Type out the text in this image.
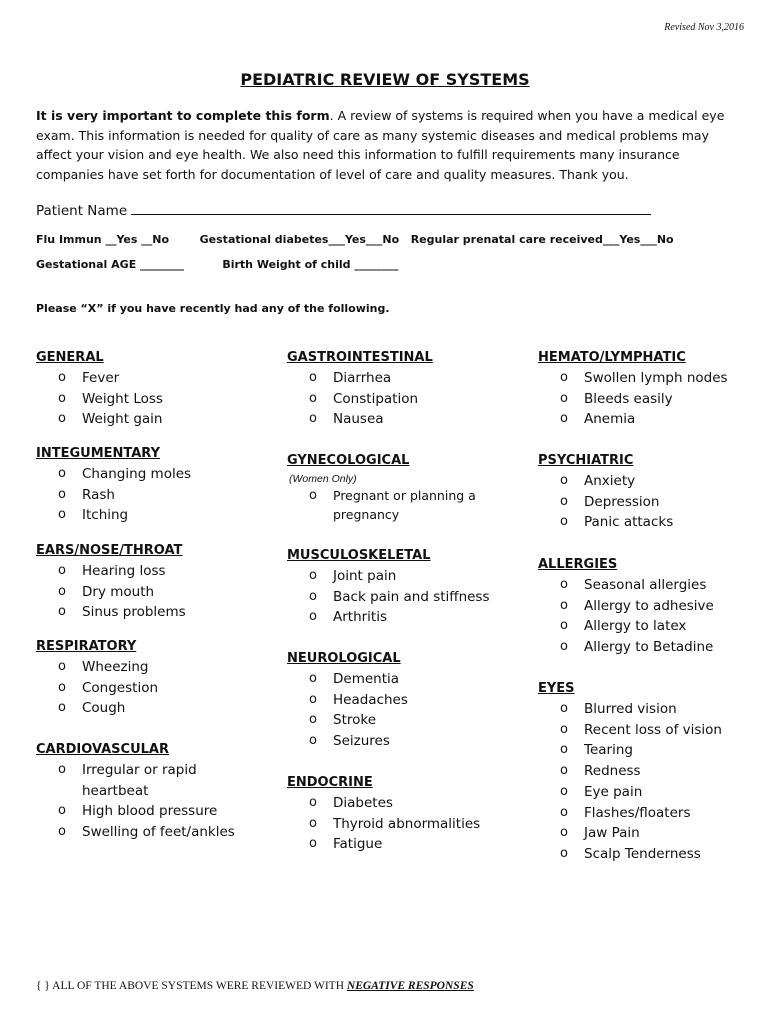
Revised Nov 3,2016
PEDIATRIC REVIEW OF SYSTEMS
It is very important to complete this form. A review of systems is required when you have a medical eye exam. This information is needed for quality of care as many systemic diseases and medical problems may affect your vision and eye health. We also need this information to fulfill requirements many insurance companies have set forth for documentation of level of care and quality measures. Thank you.
Patient Name
Flu Immun __Yes __No        Gestational diabetes___Yes___No   Regular prenatal care received___Yes___No
Gestational AGE ________          Birth Weight of child ________
Please “X” if you have recently had any of the following.
GENERAL
o Fever
o Weight Loss
o Weight gain
INTEGUMENTARY
o Changing moles
o Rash
o Itching
EARS/NOSE/THROAT
o Hearing loss
o Dry mouth
o Sinus problems
RESPIRATORY
o Wheezing
o Congestion
o Cough
CARDIOVASCULAR
o Irregular or rapid heartbeat
o High blood pressure
o Swelling of feet/ankles
GASTROINTESTINAL
o Diarrhea
o Constipation
o Nausea
GYNECOLOGICAL
(Women Only)
o Pregnant or planning a pregnancy
MUSCULOSKELETAL
o Joint pain
o Back pain and stiffness
o Arthritis
NEUROLOGICAL
o Dementia
o Headaches
o Stroke
o Seizures
ENDOCRINE
o Diabetes
o Thyroid abnormalities
o Fatigue
HEMATO/LYMPHATIC
o Swollen lymph nodes
o Bleeds easily
o Anemia
PSYCHIATRIC
o Anxiety
o Depression
o Panic attacks
ALLERGIES
o Seasonal allergies
o Allergy to adhesive
o Allergy to latex
o Allergy to Betadine
EYES
o Blurred vision
o Recent loss of vision
o Tearing
o Redness
o Eye pain
o Flashes/floaters
o Jaw Pain
o Scalp Tenderness
{ } ALL OF THE ABOVE SYSTEMS WERE REVIEWED WITH NEGATIVE RESPONSES
